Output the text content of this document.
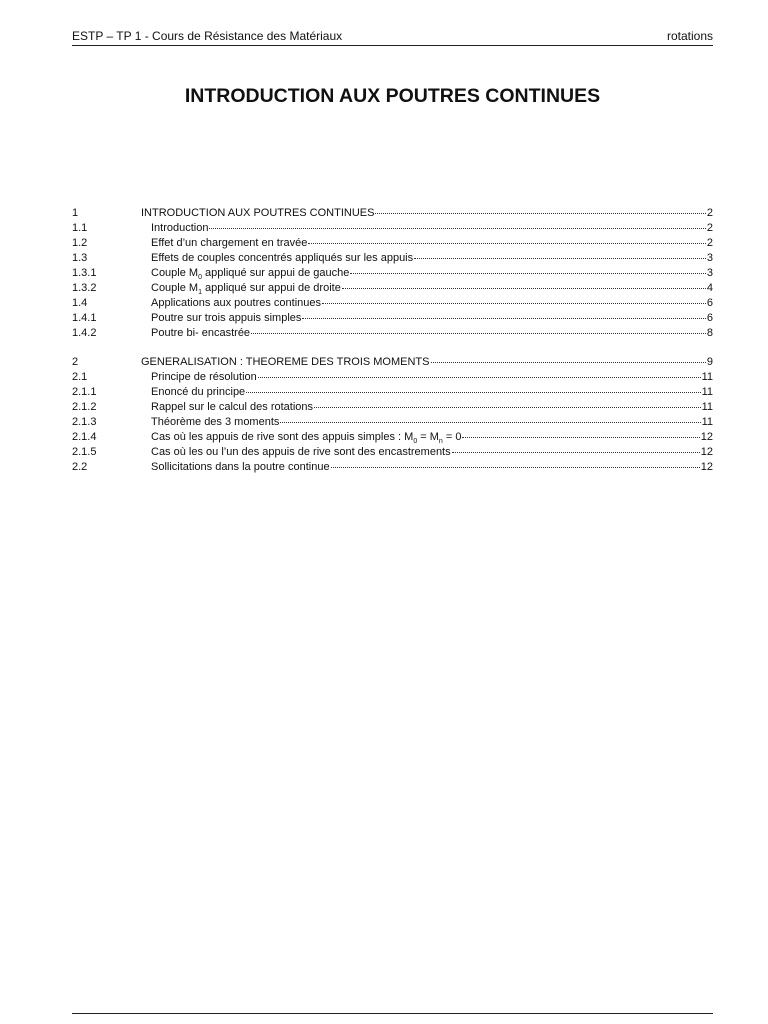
ESTP – TP 1 - Cours de Résistance des Matériaux	rotations
INTRODUCTION AUX POUTRES CONTINUES
1	INTRODUCTION AUX POUTRES CONTINUES	2
1.1	Introduction	2
1.2	Effet d’un chargement en travée	2
1.3	Effets de couples concentrés appliqués sur les appuis	3
1.3.1	Couple $M_0$ appliqué sur appui de gauche	3
1.3.2	Couple $M_1$ appliqué sur appui de droite	4
1.4	Applications aux poutres continues	6
1.4.1	Poutre sur trois appuis simples	6
1.4.2	Poutre bi- encastrée	8
2	GENERALISATION : THEOREME DES TROIS MOMENTS	9
2.1	Principe de résolution	11
2.1.1	Enoncé du principe	11
2.1.2	Rappel sur le calcul des rotations	11
2.1.3	Théorème des 3 moments	11
2.1.4	Cas où les appuis de rive sont des appuis simples : $M_0 = M_n = 0$	12
2.1.5	Cas où les ou l’un des appuis de rive sont des encastrements	12
2.2	Sollicitations dans la poutre continue	12
